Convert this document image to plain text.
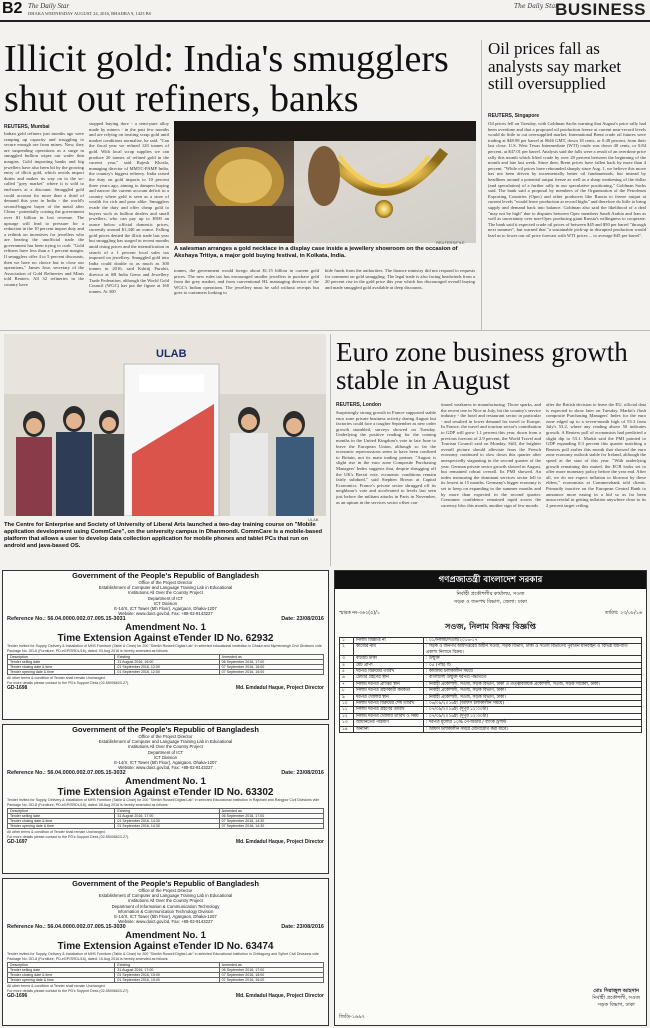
B2 The Daily Star
DHAKA WEDNESDAY AUGUST 24, 2016, BHADRA 9, 1423 BS
The Daily Star
BUSINESS
Illicit gold: India's smugglers shut out refiners, banks
REUTERS, Mumbai
Indian gold refiners just months ago were ramping up capacity and struggling to secure enough ore from mines. Now, they are suspending operations as a surge in smuggled bullion wipes out wafer thin margins. Gold importing banks and big jewellers have also been hit by the growing entry of illicit gold, which avoids import duties and makes its way on to the so-called "grey market" where it is sold to end-users at a discount. Smuggled gold could account for more than a third of demand this year in India - the world's second-biggest buyer of the metal after China - potentially costing the government over $1 billion in lost revenue. The upsurge will lead to pressure for a reduction in the 10 percent import duty and a rethink on incentives for jewellers who are bearing the unofficial trade the government has been trying to curb. "Gold refiners have less than a 1 percent margin. If smugglers offer 4 to 5 percent discounts, then we have no choice but to close our operations," James Jose, secretary of the Association of Gold Refineries and Mints told Reuters. All 32 refineries in the country have
stopped buying dore - a semi-pure alloy made by miners - in the past few months and are relying on treating scrap gold until market conditions normalise, he said. "Can the fiscal year we refined 120 tonnes of gold. With local scrap supplies we can produce 20 tonnes of refined gold in the current year," said Rajesh Khosla, managing director of MMTC-PAMP India, the country's biggest refinery. India raised the duty on gold imports to 10 percent three years ago, aiming to dampen buying and narrow the current account deficit in a country where gold is seen as a store of wealth for rich and poor alike. Smugglers evade the duty and offer cheap gold to buyers such as bullion dealers and small jewellers, who can pay up to $500 an ounce below official domestic prices, currently around $1,340 an ounce. Falling gold prices dented the illicit trade last year but smuggling has surged in recent months amid rising prices and the intensification in search of a 1 percent local sales tax imposed on jewellery. Smuggled gold into India could double to as much as 300 tonnes in 2016, said Kshitij Purohit, director at SB India Gems and Jewellery Trade Federation, although the World Gold Council (WGC) has put the figure at 160 tonnes. At 300
A salesman arranges a gold necklace in a display case inside a jewellery showroom on the occasion of Akshaya Tritiya, a major gold buying festival, in Kolkata, India.
REUTERS/FILE
tonnes, the government would forego about $1.15 billion in current gold prices. The new rules tax has encouraged smaller jewellers to purchase gold from the grey market, and from conventional HL manaaging director of the WGC's Indian operations. The jewellery must be sold without receipts but goes to customers looking to
hide funds from the authorities. The finance ministry did not respond to requests for comment on gold smuggling. The legal trade is also facing headwinds from a 20 percent rise in the gold price this year which has discouraged overall buying and made smuggled gold available at deep discounts.
Oil prices fall as analysts say market still oversupplied
REUTERS, Singapore
Oil prices fell on Tuesday, with Goldman Sachs warning that August's price rally had been overdone and that a proposed oil production freeze at current near-record levels would do little to cut oversupplied market. International Brent crude oil futures were trading at $48.98 per barrel at 0646 GMT, down 18 cents, or 0.48 percent, from their last close. U.S. West Texas Intermediate (WTI) crude was down 40 cents, or 0.84 percent, at $47.01 per barrel. Analysts said the falls were a result of an overdone price rally this month which lifted crude by over 20 percent between the beginning of the month and late last week. Since then, Brent prices have fallen back by more than 4 percent. "While oil prices have rebounded sharply since Aug. 1, we believe this move has not been driven by incrementally better oil fundamentals, but instead by headlines around a potential output freeze as well as a sharp weakening of the dollar (and speculation) of a further rally in our speculative positioning," Goldman Sachs said. The bank said a proposal by members of the Organization of the Petroleum Exporting Countries (Opec) and other producers like Russia to freeze output at current levels "would leave production at record highs" and therefore do little to bring supply and demand back into balance. Goldman also said the likelihood of a deal "may not be high" due to disputes between Opec members Saudi Arabia and Iran as well as uncertainty over non-Opec producing giant Russia's willingness to cooperate. The bank said it expected crude oil prices of between $45 and $50 per barrel "through next summer", but warned that "a sustainable pick-up in disrupted production would lead us to lower our oil price forecast with WTI prices ... to average $45 per barrel".
ULAB
ULAB
The Centre for Enterprise and Society of University of Liberal Arts launched a two-day training course on "Mobile application development using CommCare", on the university campus in Dhanmondi. CommCare is a mobile-based platform that allows a user to develop data collection application for mobile phones and tablet PCs that run on android and java-based OS.
Euro zone business growth stable in August
REUTERS, London
Surprisingly strong growth in France supported stable euro zone private business activity during August but factories could face a tougher September as new order growth stumbled, surveys showed on Tuesday. Underlying the positive reading for the coming months in the United Kingdom's vote in late June to leave the European Union, although so far the economic repercussions seem to have been confined to Britain, not its main trading partner. "August is slight rise in the euro zone Composite Purchasing Managers' Index suggests that, despite shrugging off the UK's Brexit vote, economic conditions remain fairly subdued," said Stephen Brown at Capital Economics. France's private sector shrugged off its neighbour's vote and accelerated to levels last seen just before the militant attacks in Paris in November, as an upturn in the services sector offset con-
tinued weakness in manufacturing. Those sparks, and the recent one in Nice in July, hit the country's service industry - the hotel and restaurant sector in particular - and resulted in lower demand for travel to Europe. In France, the travel and tourism sector's contribution to GDP will grow 1.1 percent this year, down from a previous forecast of 2.9 percent, the World Travel and Tourism Council said on Monday. Still, the brighter overall picture should alleviate fears the French economy continued to slow down this quarter after unexpectedly stagnating in the second quarter of the year. German private sector growth slowed in August, but remained robust overall. Its PMI showed. An index measuring the dominant services sector fell to its lowest in 15 months. Germany's bigger economy is set to keep on expanding in the summer months and by more than expected in the second quarter. Consumer confidence remained rapid across the currency bloc this month, another sign of few moods
after the British decision to leave the EU, official data is expected to show later on Tuesday. Markit's flash composite Purchasing Managers' Index for the euro zone edged up to a seven-month high of 53.3 from July's 53.2, where any reading above 50 indicates growth. A Reuters poll of economists had predicted a slight dip to 53.1. Markit said the PMI pointed to GDP expanding 0.3 percent this quarter matching a Reuters poll earlier this month that showed the euro zone economy outlook stable for Ireland, although the speed at the start of this year. "With underlying growth remaining this muted, the ECB looks set to offer more monetary policy before the year end. After all, we do see expect inflation to blowout by these elders," economists at Commerzbank told clients. Primarily inactive on the European Central Bank to announce more easing in a bid so as far been unsuccessful in getting inflation anywhere close to its 2 percent target ceiling.
Government of the People's Republic of Bangladesh
Office of the Project Director
Establishment of Computer and Language Training Lab in Educational
Institutions All Over the Country Project
Department of ICT
ICT Division
E-14/X, ICT Tower (5th Floor), Agargaon, Dhaka-1207
Website: www.doict.gov.bd, Fax: +88-02-9143227
Reference No.: 56.04.0000.002.07.005.15-3031	Date: 23/08/2016
Amendment No. 1
Time Extension Against eTender ID No. 62932
Tender invited for Supply, Delivery & Installation of MHS Furniture (Table & Chair) for 200 "Sheikh Russell Digital Lab" in selected educational institution in Dhaka and Mymensingh Civil Divisions vide Package No. GD-6 (Furniture, PD-eGP/SRDL/16), dated: 03 Aug 2016 is hereby amended as follows:
Description	Existing	Amended as
Tender selling date	31 August 2016, 16:00	06 September 2016, 17:00
Tender closing date & time	01 September 2016, 12:00	07 September 2016, 15:00
Tender opening date & time	01 September 2016, 12:00	07 September 2016, 15:00
All other terms & condition of Tender shall remain Unchanged.
For more details please contact to the PD's Support Desk (02-55006623-27).
GD-1698	Md. Emdadul Haque, Project Director
Government of the People's Republic of Bangladesh
Office of the Project Director
Establishment of Computer and Language Training Lab in Educational
Institutions All Over the Country Project
Department of ICT
ICT Division
E-14/X, ICT Tower (5th Floor), Agargaon, Dhaka-1207
Website: www.doict.gov.bd, Fax: +88-02-9143227
Reference No.: 56.04.0000.002.07.005.15-3032	Date: 23/08/2016
Amendment No. 1
Time Extension Against eTender ID No. 63302
Tender invited for Supply, Delivery & Installation of MHS Furniture (Table & Chair) for 200 "Sheikh Russell Digital Lab" in selected Educational Institution in Rajshahi and Rangpur Civil Divisions vide Package No. GD-8 (Furniture, PD-eGP/SRDL/16), dated: 08 Aug 2016 is hereby amended as follows:
Description	Existing	Amended as
Tender selling date	31 August 2016, 17:00	06 September 2016, 17:00
Tender closing date & time	01 September 2016, 14:30	07 September 2016, 14:30
Tender opening date & time	01 September 2016, 14:30	07 September 2016, 14:30
All other terms & condition of Tender shall remain Unchanged.
For more details please contact to the PD's Support Desk (02-55006623-27).
GD-1697	Md. Emdadul Haque, Project Director
Government of the People's Republic of Bangladesh
Office of the Project Director
Establishment of Computer and Language Training Lab in Educational
Institutions All Over the Country Project
Department of Information & Communication Technology
Information & Communication Technology Division
E-14/X, ICT Tower (5th Floor), Agargaon, Dhaka-1207
Website: www.doict.gov.bd, Fax: +88-02-9143227
Reference No.: 56.04.0000.002.07.005.15-3030	Date: 23/08/2016
Amendment No. 1
Time Extension Against eTender ID No. 63474
Tender invited for Supply, Delivery & Installation of MHS Furniture (Table & Chair) for 300 "Sheikh Russell Digital Lab" in selected Educational Institution in Chittagong and Sylhet Civil Divisions vide Package No. GD-8 (Furniture, PD-eGP/SRDL/16), dated: 10 Aug 2016 is hereby amended as follows:
Description	Existing	Amended as
Tender selling date	31 August 2016, 17:00	06 September 2016, 17:00
Tender closing date & time	01 September 2016, 15:00	07 September 2016, 15:00
Tender opening date & time	01 September 2016, 15:00	07 September 2016, 15:00
All other terms & condition of Tender shall remain Unchanged.
For more details please contact to the PD's Support Desk (02-55006623-27).
GD-1696	Md. Emdadul Haque, Project Director
গণপ্রজাতন্ত্রী বাংলাদেশ সরকার
নির্বাহী প্রকৌশলীর কার্যালয়, সওজ
সড়ক ও জনপথ বিভাগ, জেলা: ঢাকা
স্মারক নং-৩৬২(৫)/১	তারিখ: ২৩/০৮/১৬
সওজ, নিলাম বিক্রয় বিজ্ঞপ্তি
১	নিলাম বিজ্ঞপ্তি নং	: ০১/নিলাম/সওজ/২০১৬-১৭
২	কাজের নাম	: সড়ক ও জনপথ অধিদপ্তরের অধীন সওজ, সড়ক বিভাগ, ঢাকা ও সওজ বিভাগের পুরাতন যানবাহন ও বিভিন্ন যন্ত্রপাতি প্রকাশ্য নিলামে বিক্রয়।
৩	বাজেট টাকা	: উন্মুক্ত
৪	মেট প্রাপ্য	: ০৫ (পাঁচ) টি
৫	দরপত্র বিক্রয়ের তারিখ	: কার্যালয় চলাকালীন সময়ে
৬	টেন্ডার গ্রহণের স্থান	: বাংলাদেশ উন্মুক্ত দরপত্র পদ্ধতিতে
৭	নিলাম দরপত্র প্রাপ্তির স্থান	: নির্বাহী প্রকৌশলী, সওজ, সড়ক বিভাগ, ঢাকা ও তত্ত্বাবধায়ক প্রকৌশলী, সওজ, সড়ক সার্কেল, ঢাকা।
৮	নিলাম দরপত্র গ্রহণকারী কর্মকর্তা	: নির্বাহী প্রকৌশলী, সওজ, সড়ক বিভাগ, ঢাকা।
৯	দরপত্র খোলার স্থান	: নির্বাহী প্রকৌশলী, সওজ, সড়ক বিভাগ, ঢাকা।
১০	নিলাম দরপত্র বিক্রয়ের শেষ তারিখ	: ০৬/০৯/২০১৬ইং (অফিস চলাকালীন সময়ে)
১১	নিলাম দরপত্র গ্রহণের তারিখ	: ০৭/০৯/২০১৬ইং (দুপুর ১২:০০টা)
১২	নিলাম দরপত্র খোলার তারিখ ও সময়	: ০৭/০৯/২০১৬ইং (দুপুর ১২:৩০টা)
১৩	জামানতের পরিমাণ	: দরপত্র মূল্যের ১০% পে-অর্ডার / ব্যাংক ড্রাফট
১৪	অন্যান্য	: অফিস চলাকালীন সময়ে যোগাযোগ করা যাবে।
মোঃ সিরাজুল আহসান
নির্বাহী প্রকৌশলী, সওজ
সড়ক বিভাগ, ঢাকা
জিডি-১৬৯৭
